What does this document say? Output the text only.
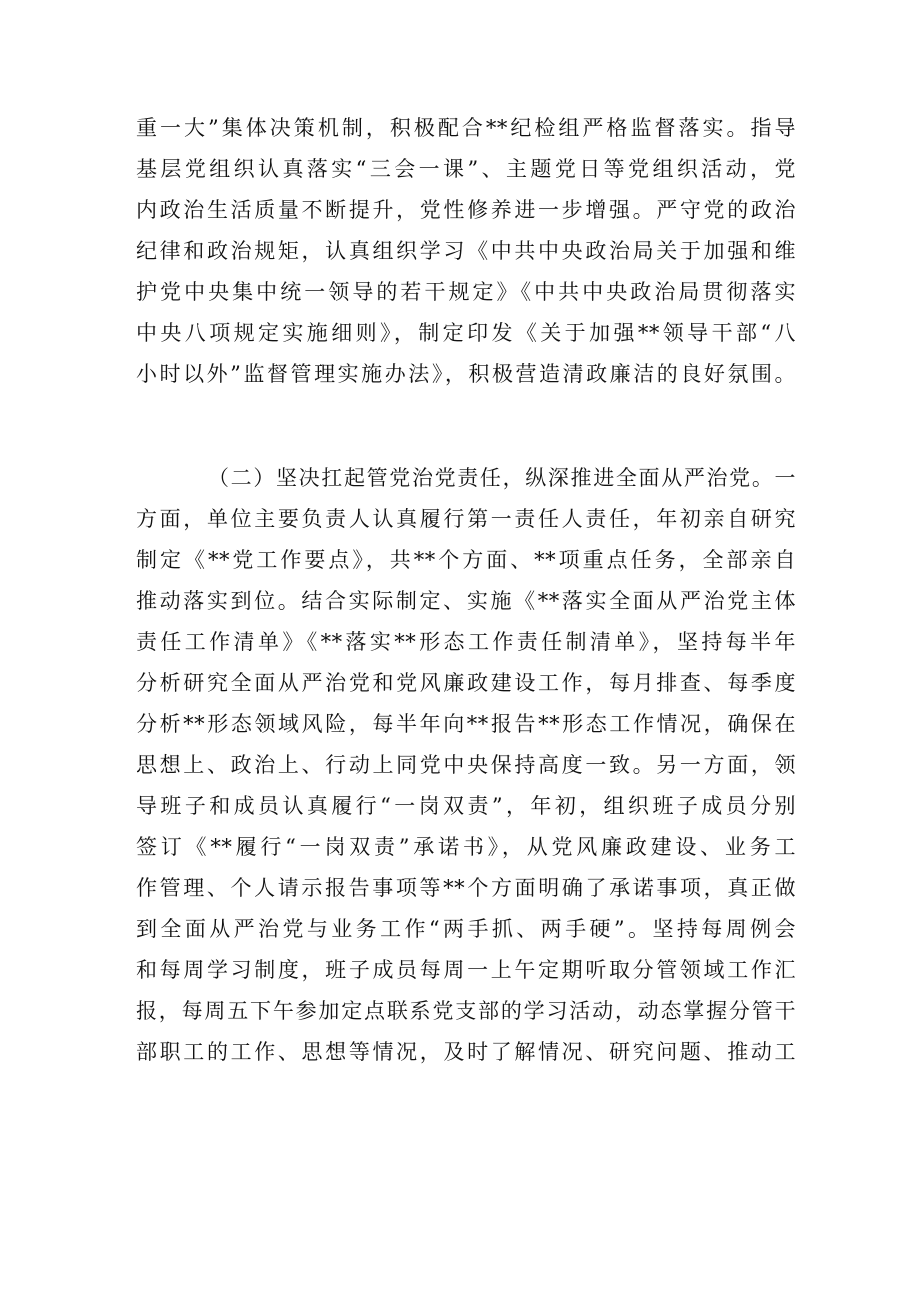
重一大”集体决策机制，积极配合**纪检组严格监督落实。指导
基层党组织认真落实“三会一课”、主题党日等党组织活动，党
内政治生活质量不断提升，党性修养进一步增强。严守党的政治
纪律和政治规矩，认真组织学习《中共中央政治局关于加强和维
护党中央集中统一领导的若干规定》《中共中央政治局贯彻落实
中央八项规定实施细则》，制定印发《关于加强**领导干部“八
小时以外”监督管理实施办法》，积极营造清政廉洁的良好氛围。
（二）坚决扛起管党治党责任，纵深推进全面从严治党。一
方面，单位主要负责人认真履行第一责任人责任，年初亲自研究
制定《**党工作要点》，共**个方面、**项重点任务，全部亲自
推动落实到位。结合实际制定、实施《**落实全面从严治党主体
责任工作清单》《**落实**形态工作责任制清单》，坚持每半年
分析研究全面从严治党和党风廉政建设工作，每月排查、每季度
分析**形态领域风险，每半年向**报告**形态工作情况，确保在
思想上、政治上、行动上同党中央保持高度一致。另一方面，领
导班子和成员认真履行“一岗双责”，年初，组织班子成员分别
签订《**履行“一岗双责”承诺书》，从党风廉政建设、业务工
作管理、个人请示报告事项等**个方面明确了承诺事项，真正做
到全面从严治党与业务工作“两手抓、两手硬”。坚持每周例会
和每周学习制度，班子成员每周一上午定期听取分管领域工作汇
报，每周五下午参加定点联系党支部的学习活动，动态掌握分管干
部职工的工作、思想等情况，及时了解情况、研究问题、推动工
